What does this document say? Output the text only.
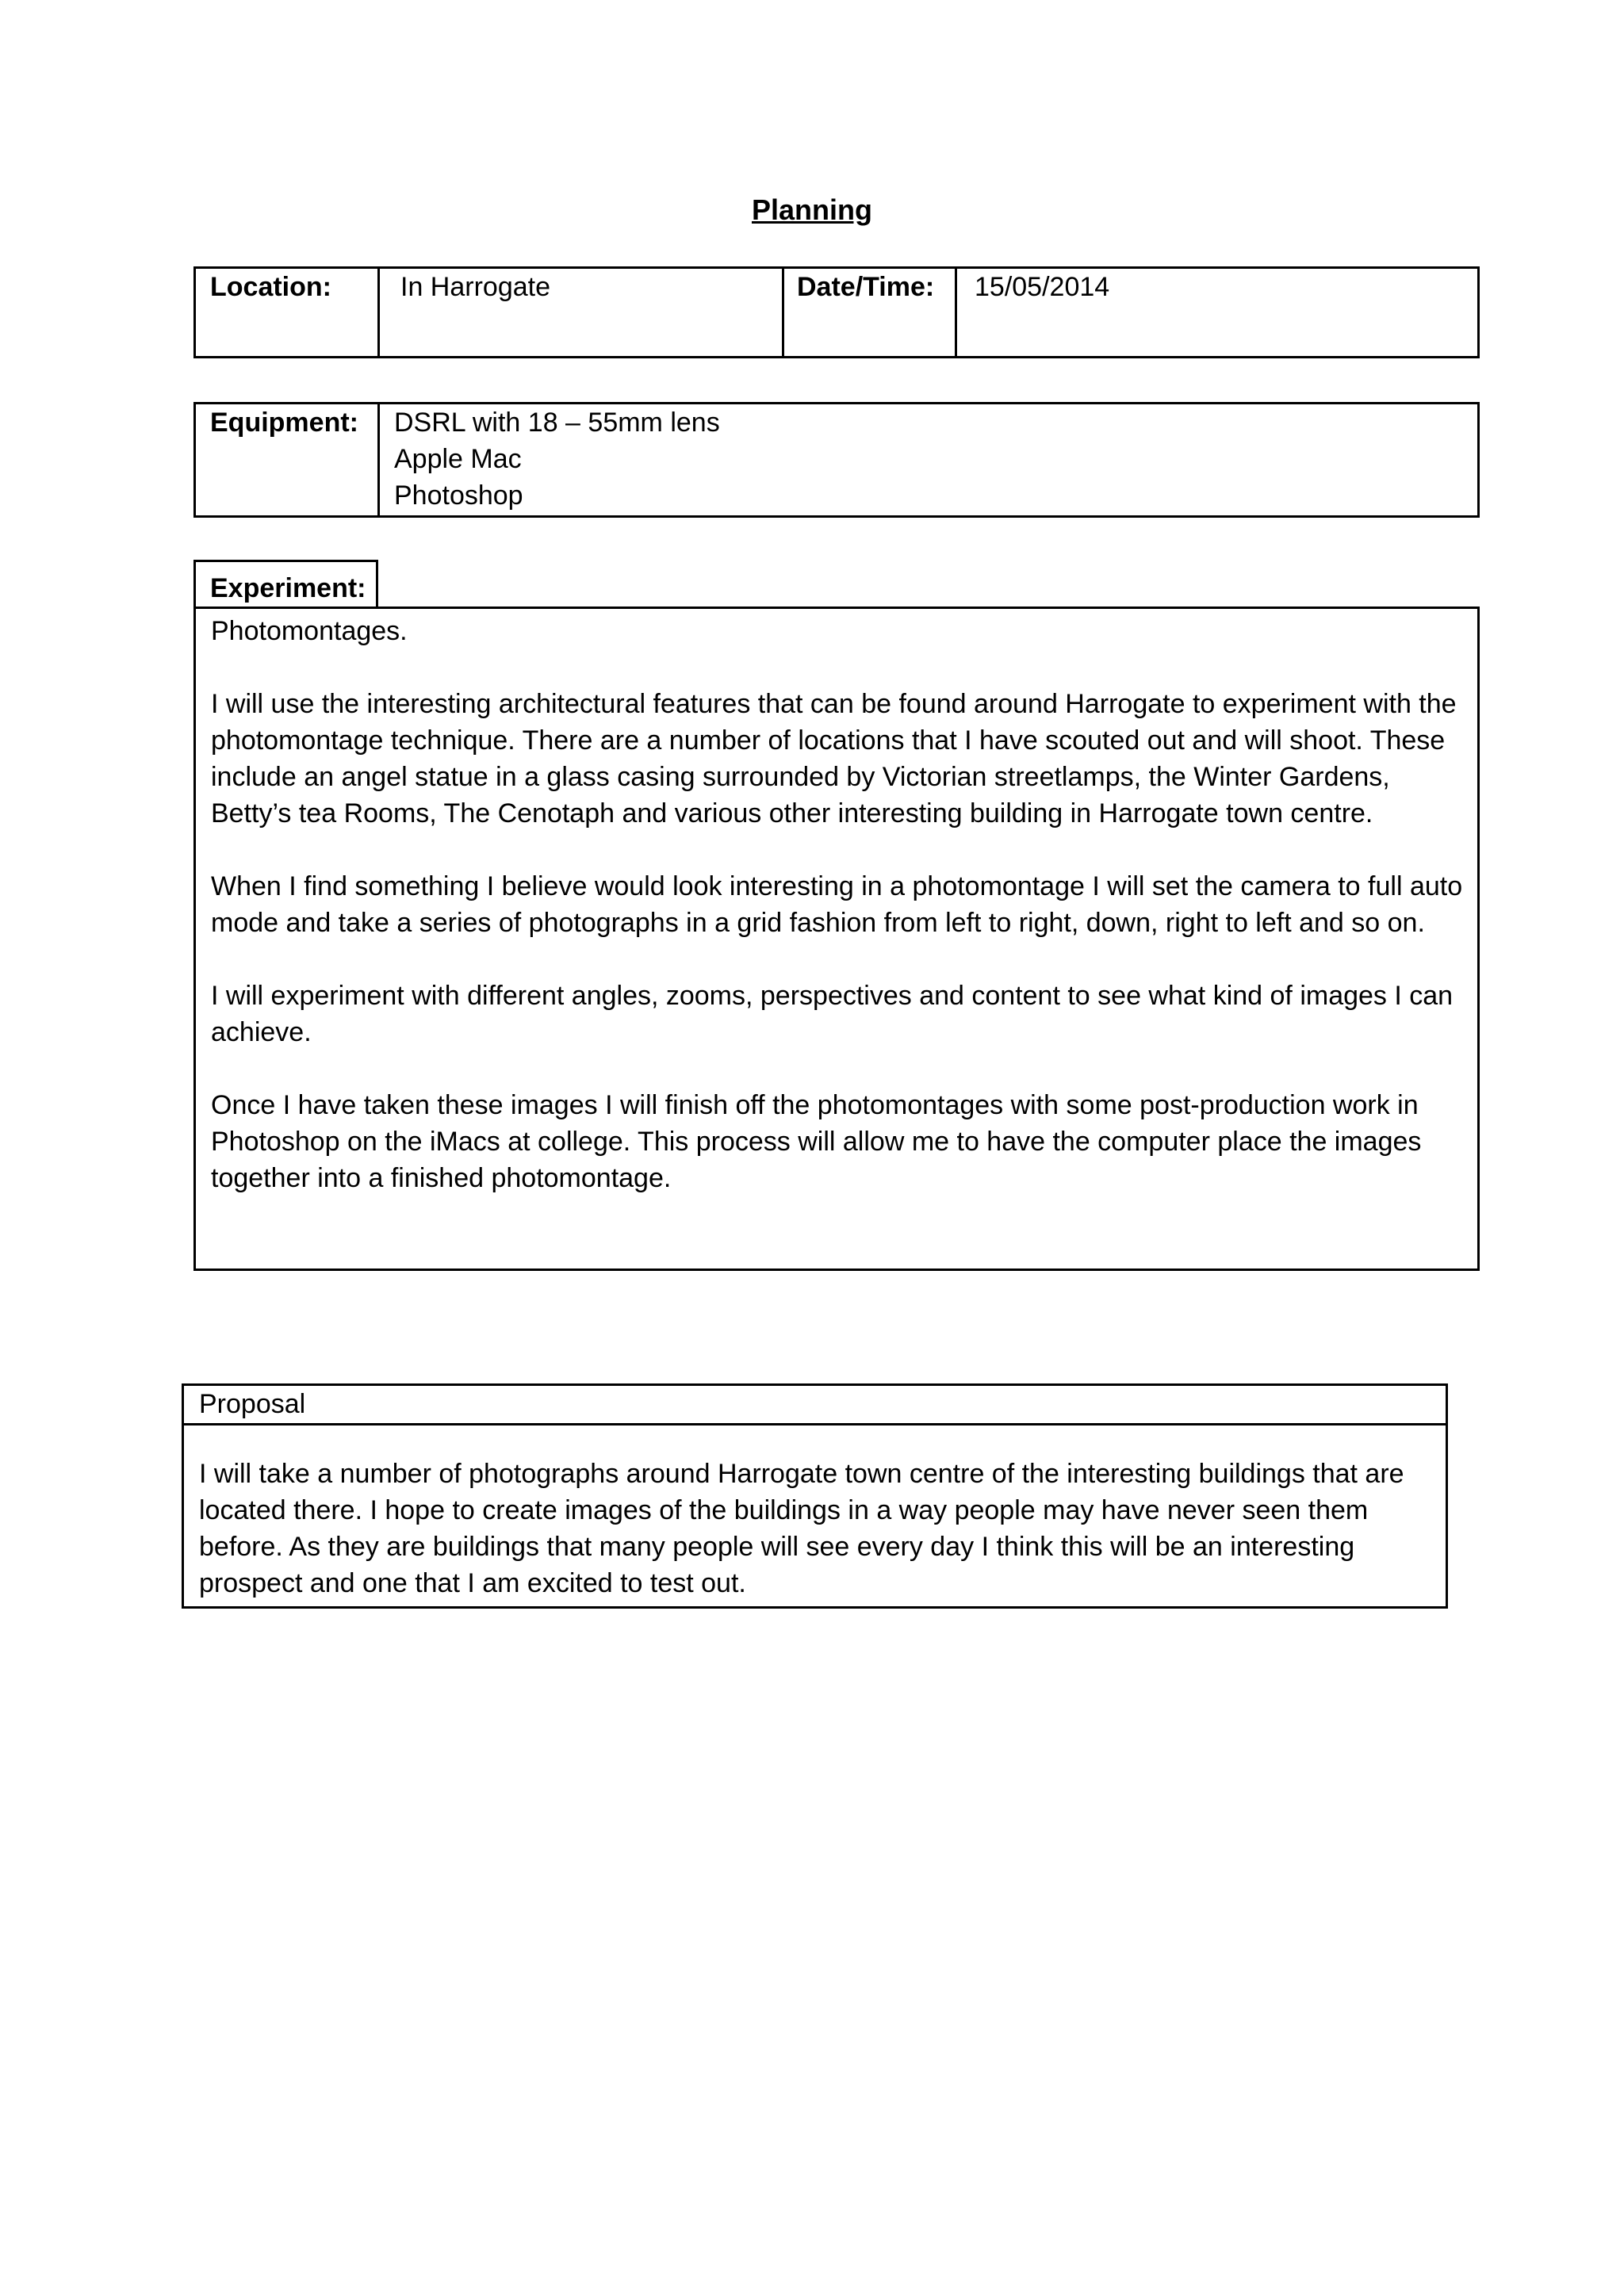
Planning
Location:	In Harrogate	Date/Time: 15/05/2014
Equipment: DSRL with 18 – 55mm lens
Apple Mac
Photoshop
Experiment:

Photomontages.

I will use the interesting architectural features that can be found around Harrogate to experiment with the photomontage technique. There are a number of locations that I have scouted out and will shoot. These include an angel statue in a glass casing surrounded by Victorian streetlamps, the Winter Gardens, Betty’s tea Rooms, The Cenotaph and various other interesting building in Harrogate town centre.

When I find something I believe would look interesting in a photomontage I will set the camera to full auto mode and take a series of photographs in a grid fashion from left to right, down, right to left and so on.

I will experiment with different angles, zooms, perspectives and content to see what kind of images I can achieve.

Once I have taken these images I will finish off the photomontages with some post-production work in Photoshop on the iMacs at college. This process will allow me to have the computer place the images together into a finished photomontage.

Proposal
I will take a number of photographs around Harrogate town centre of the interesting buildings that are located there. I hope to create images of the buildings in a way people may have never seen them before. As they are buildings that many people will see every day I think this will be an interesting prospect and one that I am excited to test out.
